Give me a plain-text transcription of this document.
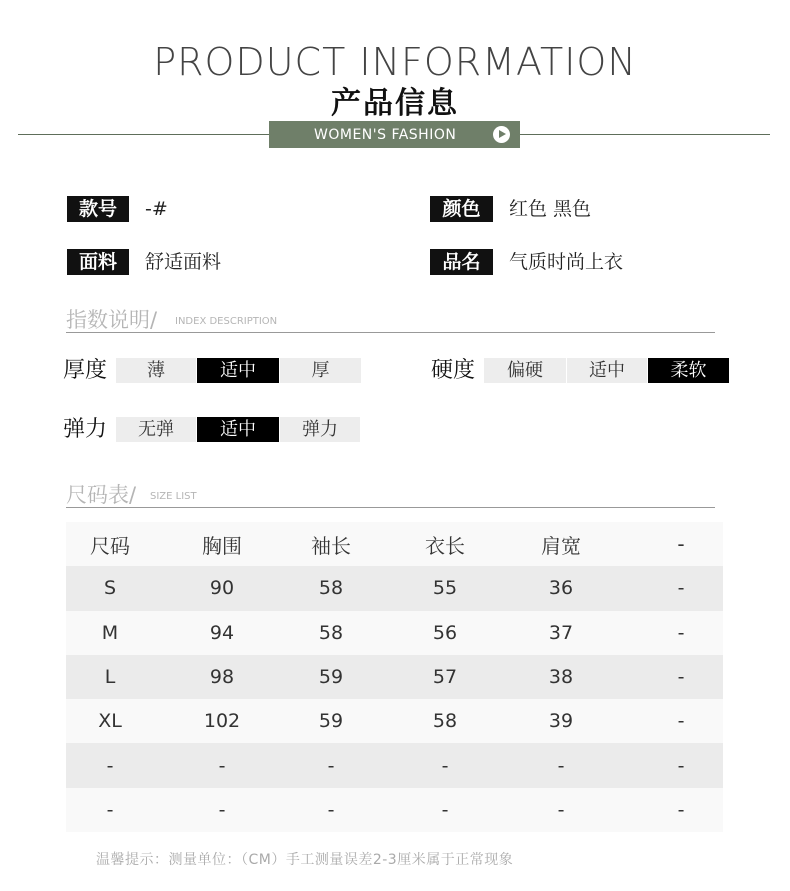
PRODUCT INFORMATION
产品信息
WOMEN'S FASHION
款号	-#	颜色	红色 黑色
面料	舒适面料	品名	气质时尚上衣
指数说明/ INDEX DESCRIPTION
厚度	薄	适中	厚	硬度	偏硬	适中	柔软
弹力	无弹	适中	弹力
尺码表/ SIZE LIST
尺码	胸围	袖长	衣长	肩宽	-
S	90	58	55	36	-
M	94	58	56	37	-
L	98	59	57	38	-
XL	102	59	58	39	-
-	-	-	-	-	-
-	-	-	-	-	-
温馨提示：测量单位：（CM）手工测量误差2-3厘米属于正常现象
